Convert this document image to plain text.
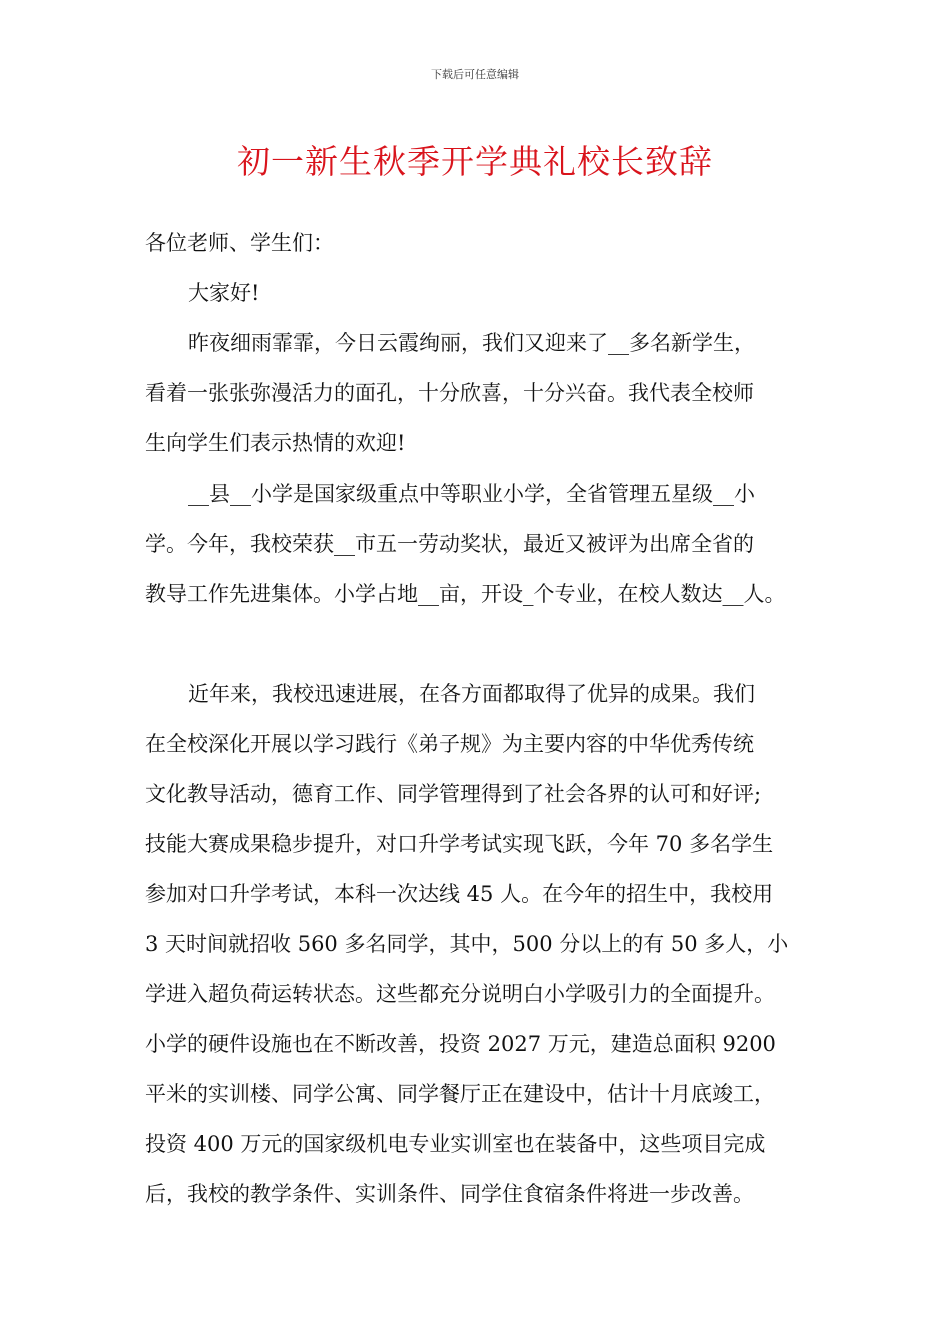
下载后可任意编辑
初一新生秋季开学典礼校长致辞
各位老师、学生们：
大家好!
昨夜细雨霏霏，今日云霞绚丽，我们又迎来了__多名新学生，
看着一张张弥漫活力的面孔，十分欣喜，十分兴奋。我代表全校师
生向学生们表示热情的欢迎!
__县__小学是国家级重点中等职业小学，全省管理五星级__小
学。今年，我校荣获__市五一劳动奖状，最近又被评为出席全省的
教导工作先进集体。小学占地__亩，开设_个专业，在校人数达__人。
近年来，我校迅速进展，在各方面都取得了优异的成果。我们
在全校深化开展以学习践行《弟子规》为主要内容的中华优秀传统
文化教导活动，德育工作、同学管理得到了社会各界的认可和好评;
技能大赛成果稳步提升，对口升学考试实现飞跃，今年 70 多名学生
参加对口升学考试，本科一次达线 45 人。在今年的招生中，我校用
3 天时间就招收 560 多名同学，其中，500 分以上的有 50 多人，小
学进入超负荷运转状态。这些都充分说明白小学吸引力的全面提升。
小学的硬件设施也在不断改善，投资 2027 万元，建造总面积 9200
平米的实训楼、同学公寓、同学餐厅正在建设中，估计十月底竣工，
投资 400 万元的国家级机电专业实训室也在装备中，这些项目完成
后，我校的教学条件、实训条件、同学住食宿条件将进一步改善。
